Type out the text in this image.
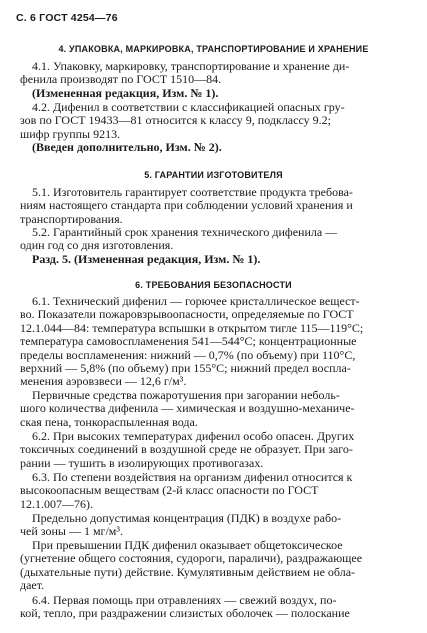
С. 6 ГОСТ 4254—76
4. УПАКОВКА, МАРКИРОВКА, ТРАНСПОРТИРОВАНИЕ И ХРАНЕНИЕ

4.1. Упаковку, маркировку, транспортирование и хранение ди-
фенила производят по ГОСТ 1510—84.

(Измененная редакция, Изм. № 1).

4.2. Дифенил в соответствии с классификацией опасных гру-
зов по ГОСТ 19433—81 относится к классу 9, подклассу 9.2;
шифр группы 9213.

(Введен дополнительно, Изм. № 2).

5. ГАРАНТИИ ИЗГОТОВИТЕЛЯ

5.1. Изготовитель гарантирует соответствие продукта требова-
ниям настоящего стандарта при соблюдении условий хранения и
транспортирования.

5.2. Гарантийный срок хранения технического дифенила —
один год со дня изготовления.

Разд. 5. (Измененная редакция, Изм. № 1).

6. ТРЕБОВАНИЯ БЕЗОПАСНОСТИ

6.1. Технический дифенил — горючее кристаллическое вещест-
во. Показатели пожаровзрывоопасности, определяемые по ГОСТ
12.1.044—84: температура вспышки в открытом тигле 115—119°С;
температура самовоспламенения 541—544°С; концентрационные
пределы воспламенения: нижний — 0,7% (по объему) при 110°С,
верхний — 5,8% (по объему) при 155°С; нижний предел воспла-
менения аэровзвеси — 12,6 г/м³.

Первичные средства пожаротушения при загорании неболь-
шого количества дифенила — химическая и воздушно-механиче-
ская пена, тонкораспыленная вода.

6.2. При высоких температурах дифенил особо опасен. Других
токсичных соединений в воздушной среде не образует. При заго-
рании — тушить в изолирующих противогазах.

6.3. По степени воздействия на организм дифенил относится к
высокоопасным веществам (2-й класс опасности по ГОСТ
12.1.007—76).

Предельно допустимая концентрация (ПДК) в воздухе рабо-
чей зоны — 1 мг/м³.

При превышении ПДК дифенил оказывает общетоксическое
(угнетение общего состояния, судороги, параличи), раздражающее
(дыхательные пути) действие. Кумулятивным действием не обла-
дает.

6.4. Первая помощь при отравлениях — свежий воздух, по-
кой, тепло, при раздражении слизистых оболочек — полоскание
